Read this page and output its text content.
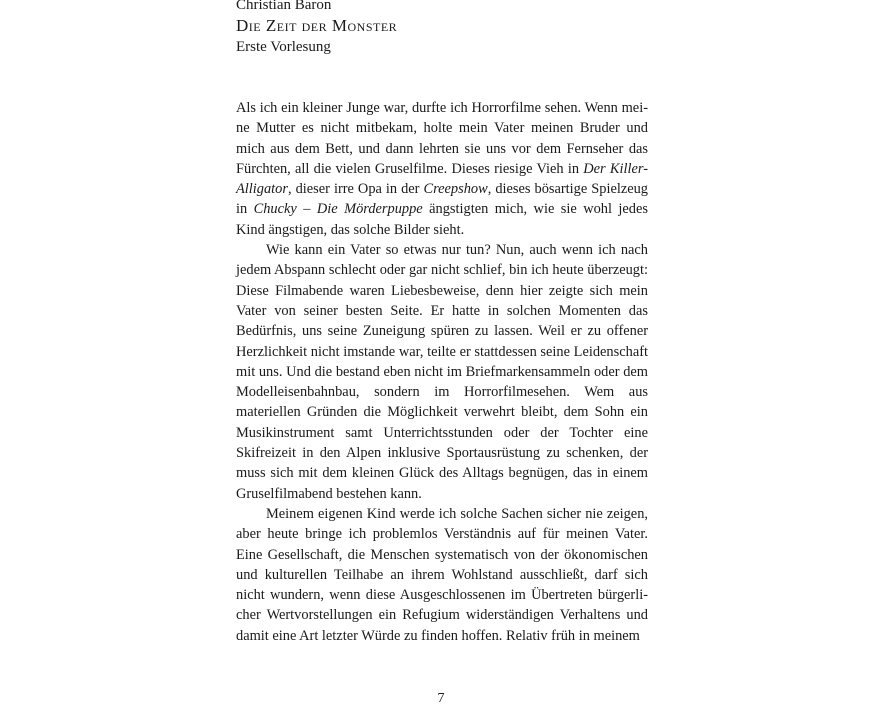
Christian Baron

Die Zeit der Monster

Erste Vorlesung

Als ich ein kleiner Junge war, durfte ich Horrorfilme sehen. Wenn meine Mutter es nicht mitbekam, holte mein Vater meinen Bruder und mich aus dem Bett, und dann lehrten sie uns vor dem Fernseher das Fürchten, all die vielen Gruselfilme. Dieses riesige Vieh in Der Killer-Alligator, dieser irre Opa in der Creepshow, dieses bösartige Spielzeug in Chucky – Die Mörderpuppe ängstigten mich, wie sie wohl jedes Kind ängstigen, das solche Bilder sieht.

Wie kann ein Vater so etwas nur tun? Nun, auch wenn ich nach jedem Abspann schlecht oder gar nicht schlief, bin ich heute überzeugt: Diese Filmabende waren Liebesbeweise, denn hier zeigte sich mein Vater von seiner besten Seite. Er hatte in solchen Momenten das Bedürfnis, uns seine Zuneigung spüren zu lassen. Weil er zu offener Herzlichkeit nicht imstande war, teilte er stattdessen seine Leidenschaft mit uns. Und die bestand eben nicht im Briefmarkensammeln oder dem Modelleisenbahnbau, sondern im Horrorfilmesehen. Wem aus materiellen Gründen die Möglichkeit verwehrt bleibt, dem Sohn ein Musikinstrument samt Unterrichtsstunden oder der Tochter eine Skifreizeit in den Alpen inklusive Sportausrüstung zu schenken, der muss sich mit dem kleinen Glück des Alltags begnügen, das in einem Gruselfilmabend bestehen kann.

Meinem eigenen Kind werde ich solche Sachen sicher nie zeigen, aber heute bringe ich problemlos Verständnis auf für meinen Vater. Eine Gesellschaft, die Menschen systematisch von der ökonomischen und kulturellen Teilhabe an ihrem Wohlstand ausschließt, darf sich nicht wundern, wenn diese Ausgeschlossenen im Übertreten bürgerlicher Wertvorstellungen ein Refugium widerständigen Verhaltens und damit eine Art letzter Würde zu finden hoffen. Relativ früh in meinem

7
